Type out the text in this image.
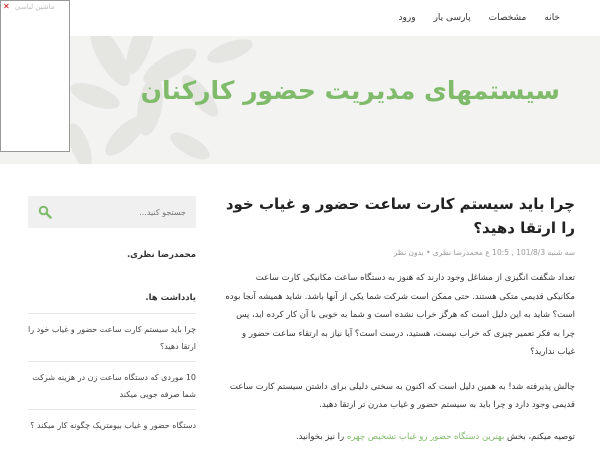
خانه
مشخصات
پارسی یار
ورود
سیستمهای مدیریت حضور کارکنان
✕ ماشین لباسی
چرا باید سیستم کارت ساعت حضور و غیاب خود را ارتقا دهید؟
سه شنبه 101/8/3 , 10:5 ع محمدرضا نظری • بدون نظر

تعداد شگفت انگیزی از مشاغل وجود دارند که هنوز به دستگاه ساعت مکانیکی کارت ساعت مکانیکی قدیمی متکی هستند. حتی ممکن است شرکت شما یکی از آنها باشد. شاید همیشه آنجا بوده است؟ شاید به این دلیل است که هرگز خراب نشده است و شما به خوبی با آن کار کرده اید، پس چرا به فکر تعمیر چیزی که خراب نیست، هستید، درست است؟ آیا نیاز به ارتقاء ساعت حضور و غیاب ندارید؟

چالش پذیرفته شد! به همین دلیل است که اکنون به سختی دلیلی برای داشتن سیستم کارت ساعت قدیمی وجود دارد و چرا باید به سیستم حضور و غیاب مدرن تر ارتقا دهید.

توصیه میکنم، بخش بهترین دستگاه حضور رو غیاب تشخیص چهره را نیز بخوانید.

جستجو کنید...
محمدرضا نظری.
یادداشت ها.
چرا باید سیستم کارت ساعت حضور و غیاب خود را ارتقا دهید؟
10 موردی که دستگاه ساعت زن در هزینه شرکت شما صرفه جویی میکند
دستگاه حضور و غیاب بیومتریک چگونه کار میکند ؟
